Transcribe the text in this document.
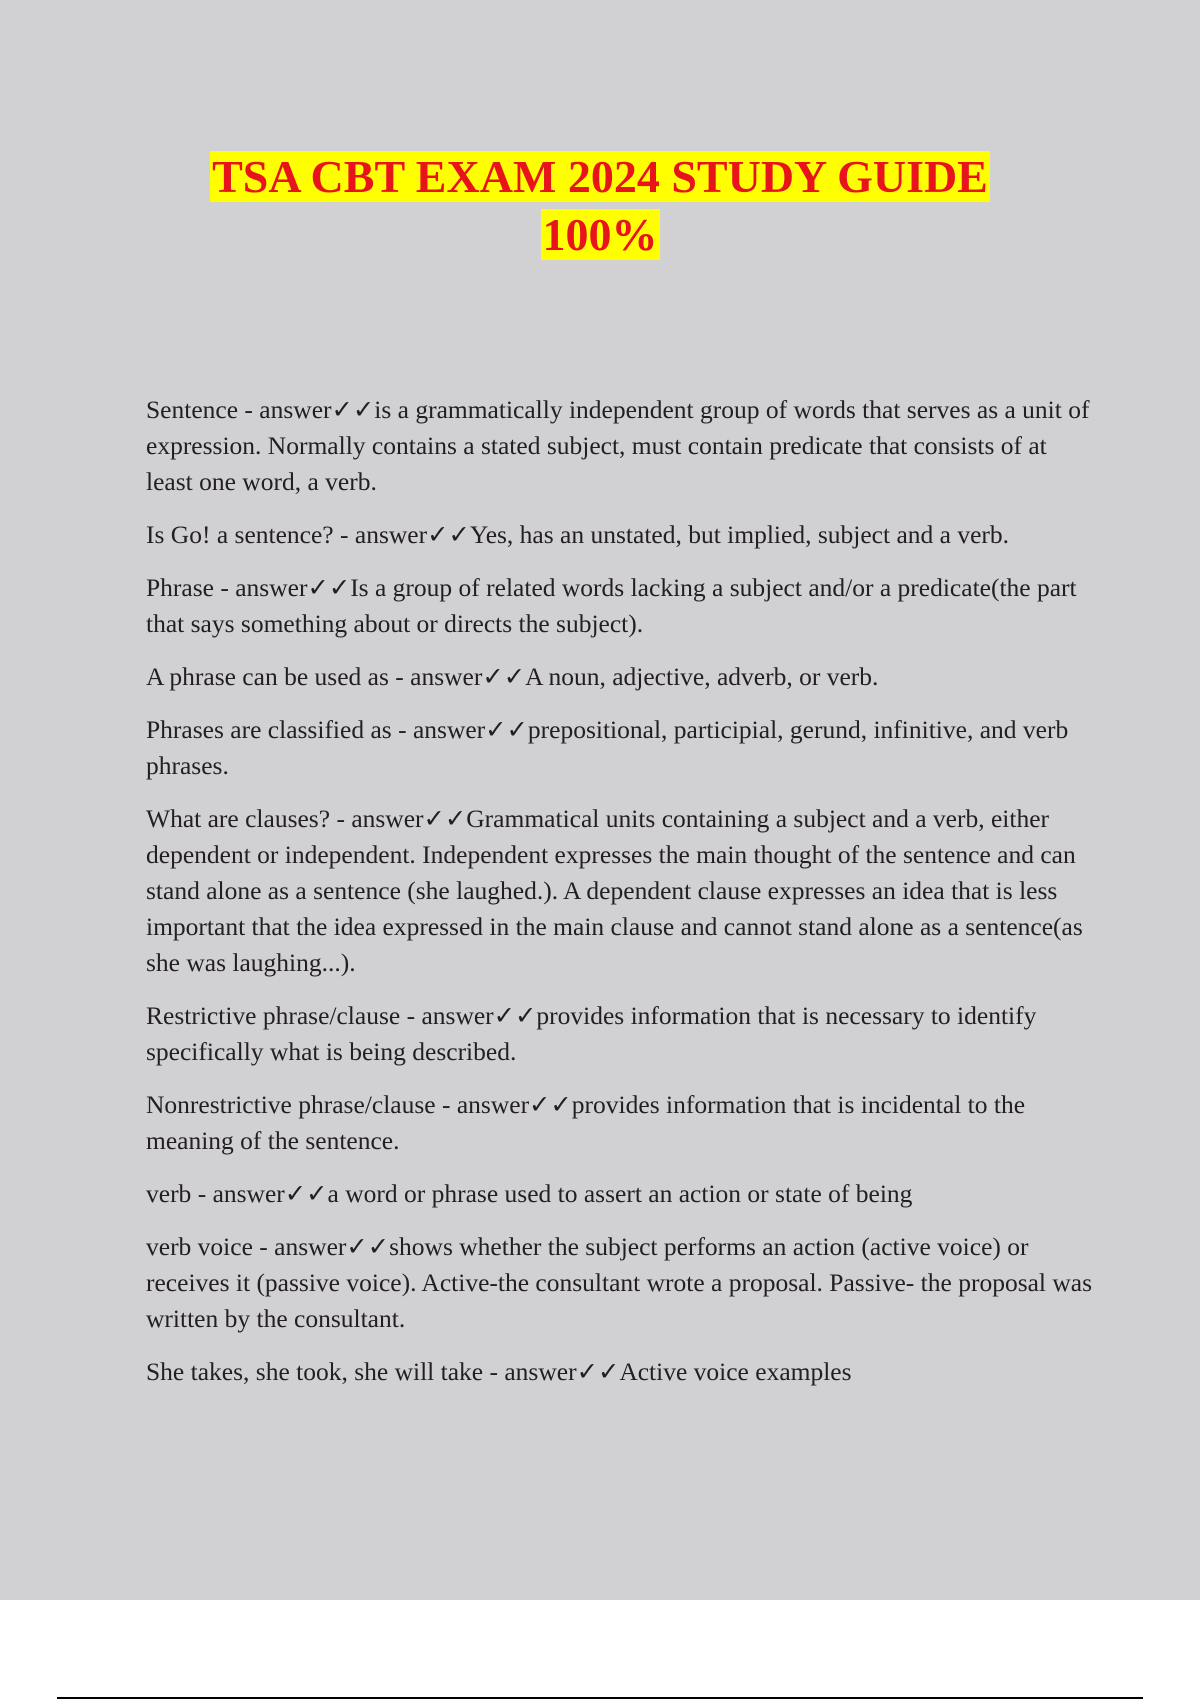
TSA CBT EXAM 2024 STUDY GUIDE
100%

Sentence - answer✓✓is a grammatically independent group of words that serves as a unit of expression. Normally contains a stated subject, must contain predicate that consists of at least one word, a verb.

Is Go! a sentence? - answer✓✓Yes, has an unstated, but implied, subject and a verb.

Phrase - answer✓✓Is a group of related words lacking a subject and/or a predicate(the part that says something about or directs the subject).

A phrase can be used as - answer✓✓A noun, adjective, adverb, or verb.

Phrases are classified as - answer✓✓prepositional, participial, gerund, infinitive, and verb phrases.

What are clauses? - answer✓✓Grammatical units containing a subject and a verb, either dependent or independent. Independent expresses the main thought of the sentence and can stand alone as a sentence (she laughed.). A dependent clause expresses an idea that is less important that the idea expressed in the main clause and cannot stand alone as a sentence(as she was laughing...).

Restrictive phrase/clause - answer✓✓provides information that is necessary to identify specifically what is being described.

Nonrestrictive phrase/clause - answer✓✓provides information that is incidental to the meaning of the sentence.

verb - answer✓✓a word or phrase used to assert an action or state of being

verb voice - answer✓✓shows whether the subject performs an action (active voice) or receives it (passive voice). Active-the consultant wrote a proposal. Passive- the proposal was written by the consultant.

She takes, she took, she will take - answer✓✓Active voice examples
